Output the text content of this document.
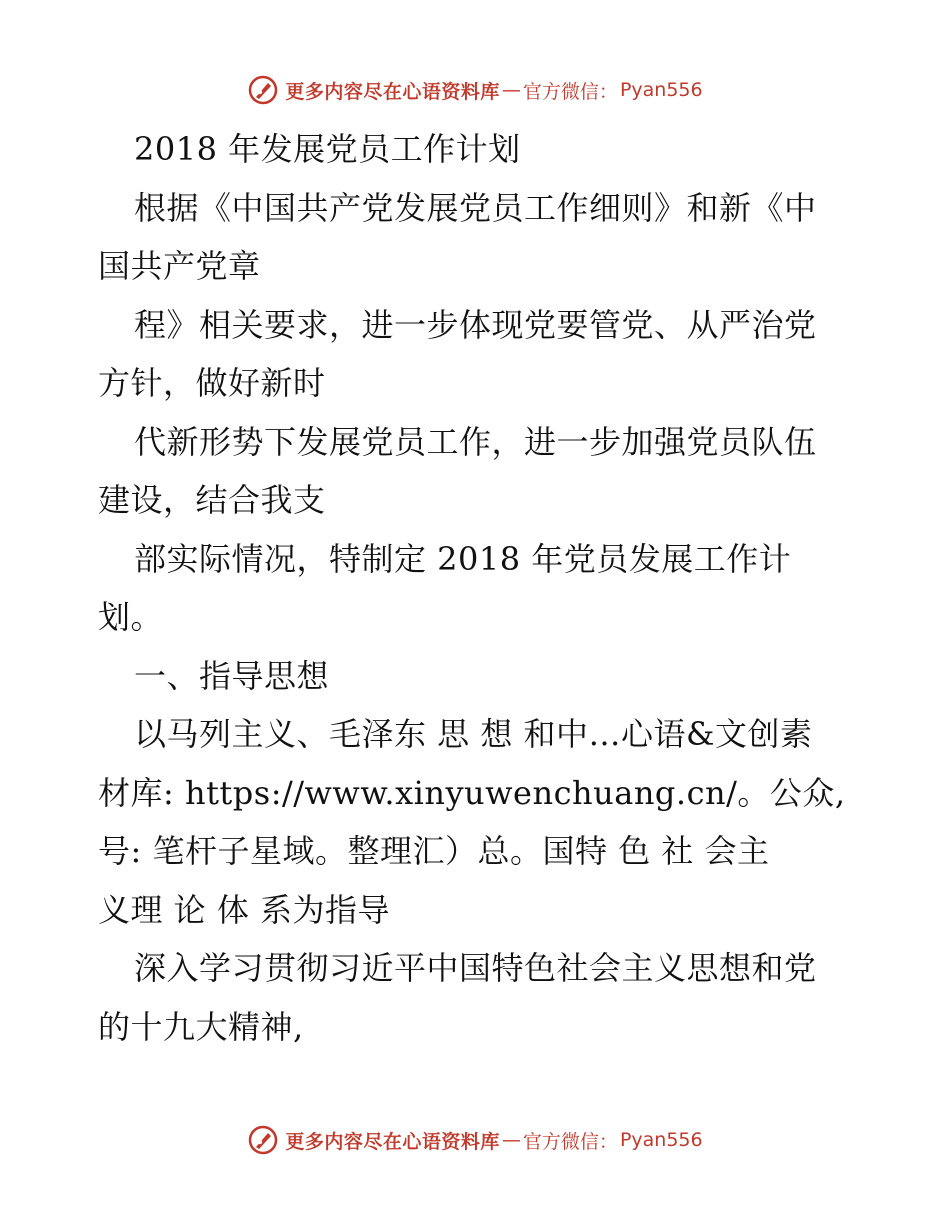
更多内容尽在心语资料库 — 官方微信： Pyan556
2018 年发展党员工作计划
根据《中国共产党发展党员工作细则》和新《中
国共产党章
程》相关要求，进一步体现党要管党、从严治党
方针，做好新时
代新形势下发展党员工作，进一步加强党员队伍
建设，结合我支
部实际情况，特制定 2018 年党员发展工作计
划。
一、指导思想
以马列主义、毛泽东 思 想 和中…心语&文创素
材库: https://www.xinyuwenchuang.cn/。公众,
号: 笔杆子星域。整理汇）总。国特 色 社 会主
义理 论 体 系为指导
深入学习贯彻习近平中国特色社会主义思想和党
的十九大精神,
更多内容尽在心语资料库 — 官方微信： Pyan556
